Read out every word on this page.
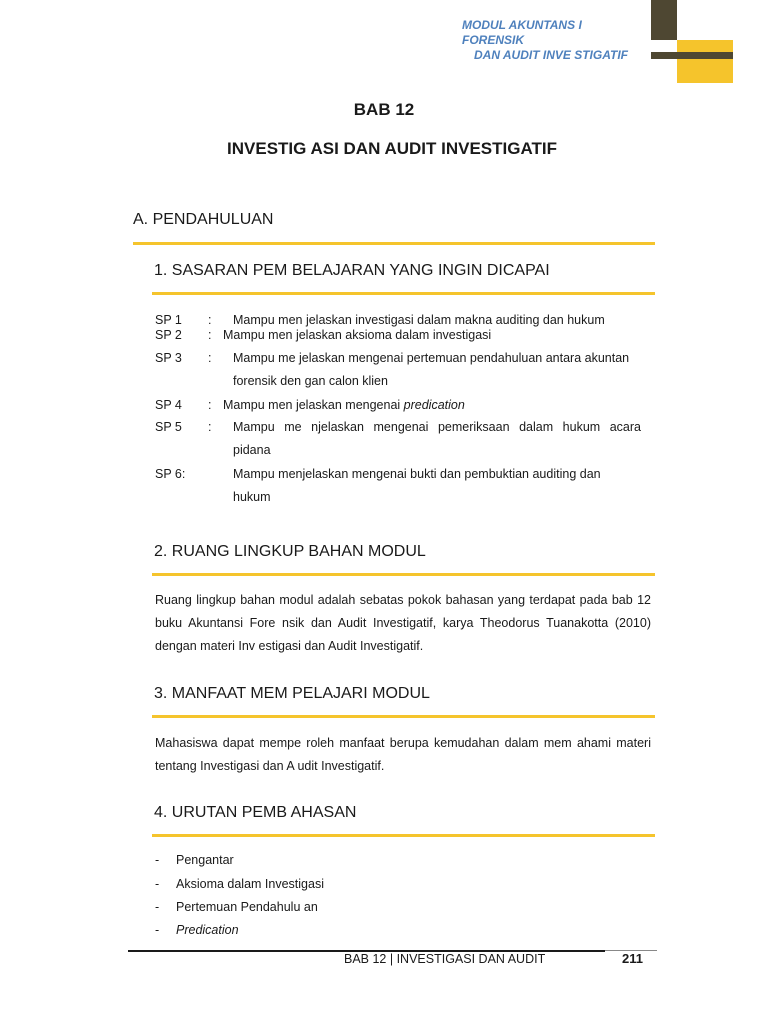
MODUL AKUNTANS I
FORENSIK
DAN AUDIT INVE STIGATIF
BAB 12
INVESTIG ASI DAN AUDIT INVESTIGATIF
A. PENDAHULUAN
1. SASARAN PEM BELAJARAN YANG INGIN DICAPAI
SP 1 : Mampu men jelaskan investigasi dalam makna auditing dan hukum
SP 2 : Mampu men jelaskan aksioma dalam investigasi
SP 3 : Mampu me jelaskan mengenai pertemuan pendahuluan antara akuntan
forensik den gan calon klien
SP 4 : Mampu men jelaskan mengenai predication
SP 5 : Mampu me njelaskan mengenai pemeriksaan dalam hukum acara
pidana
SP 6:	Mampu menjelaskan mengenai bukti dan pembuktian auditing dan
hukum
2. RUANG LINGKUP BAHAN MODUL
Ruang lingkup bahan modul adalah sebatas pokok bahasan yang terdapat pada bab 12 buku Akuntansi Fore nsik dan Audit Investigatif, karya Theodorus Tuanakotta (2010) dengan materi Inv estigasi dan Audit Investigatif.
3. MANFAAT MEM PELAJARI MODUL
Mahasiswa dapat mempe roleh manfaat berupa kemudahan dalam mem ahami materi tentang Investigasi dan A udit Investigatif.
4. URUTAN PEMB AHASAN
- Pengantar
- Aksioma dalam Investigasi
- Pertemuan Pendahulu an
- Predication
BAB 12 | INVESTIGASI DAN AUDIT	211
